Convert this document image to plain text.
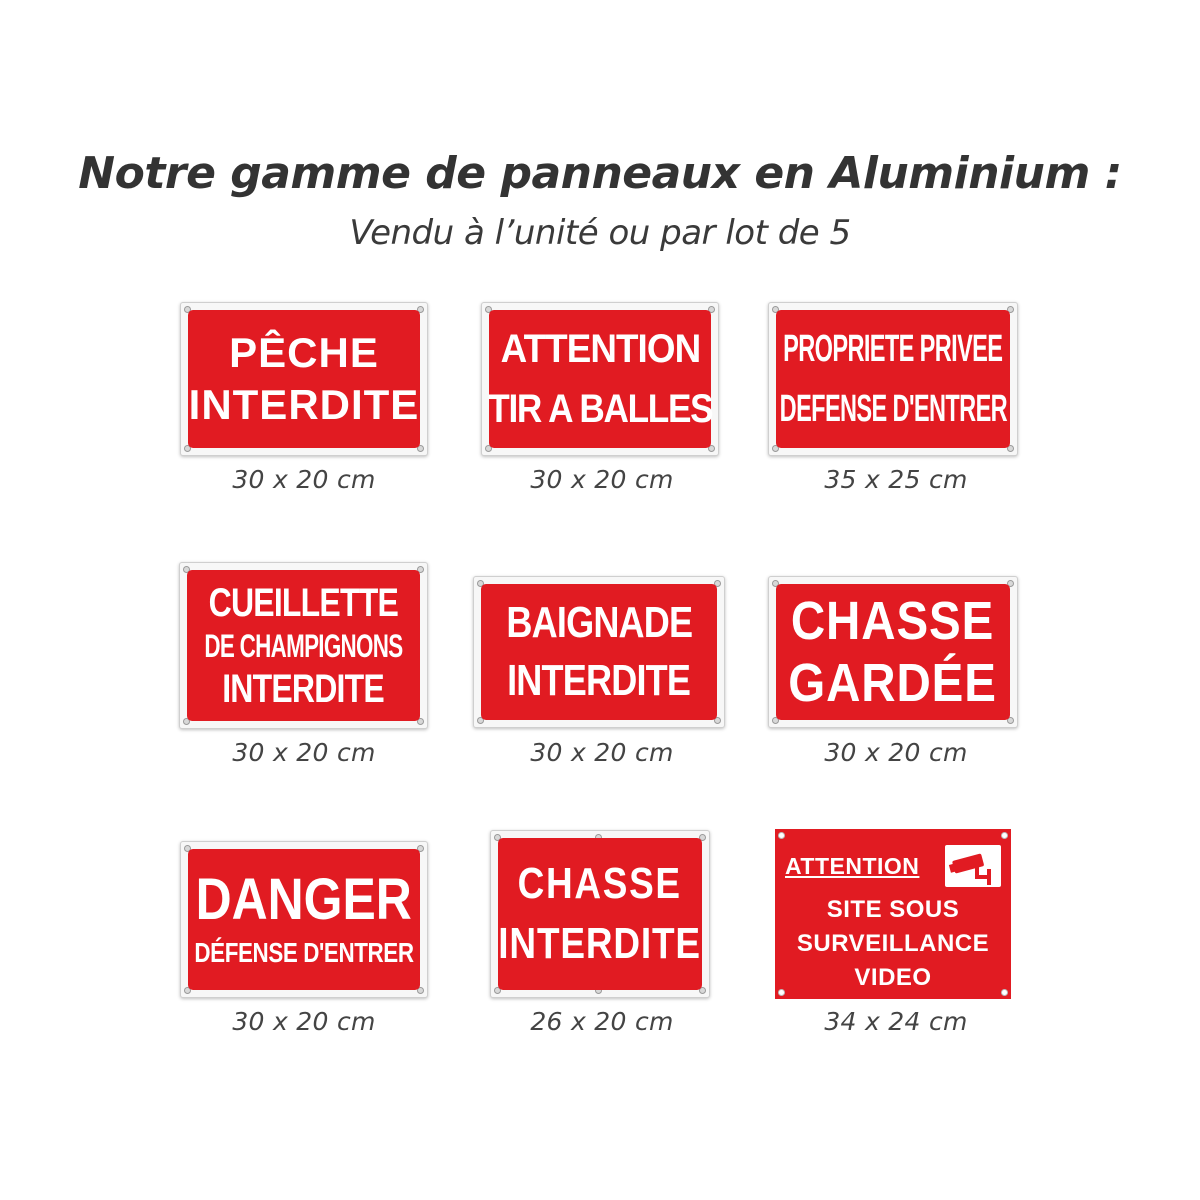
Notre gamme de panneaux en Aluminium :
Vendu à l’unité ou par lot de 5
PÊCHE
INTERDITE
30 x 20 cm
ATTENTION
TIR A BALLES
30 x 20 cm
PROPRIETE PRIVEE
DEFENSE D'ENTRER
35 x 25 cm
CUEILLETTE
DE CHAMPIGNONS
INTERDITE
30 x 20 cm
BAIGNADE
INTERDITE
30 x 20 cm
CHASSE
GARDÉE
30 x 20 cm
DANGER
DÉFENSE D'ENTRER
30 x 20 cm
CHASSE
INTERDITE
26 x 20 cm
ATTENTION
SITE SOUS
SURVEILLANCE
VIDEO
34 x 24 cm
